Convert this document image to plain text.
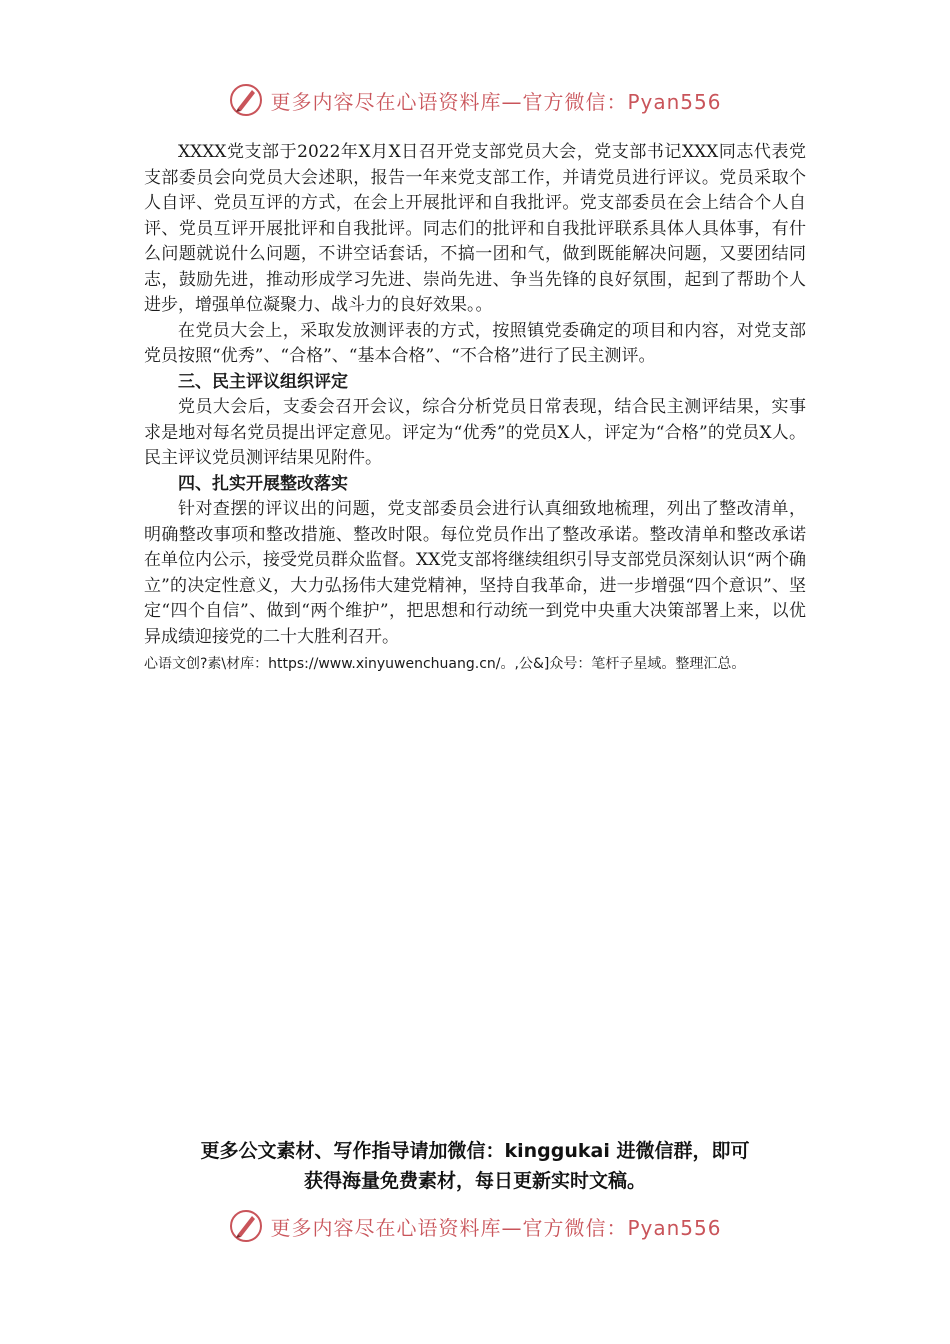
更多内容尽在心语资料库—官方微信：Pyan556

XXXX党支部于2022年X月X日召开党支部党员大会，党支部书记XXX同志代表党支部委员会向党员大会述职，报告一年来党支部工作，并请党员进行评议。党员采取个人自评、党员互评的方式，在会上开展批评和自我批评。党支部委员在会上结合个人自评、党员互评开展批评和自我批评。同志们的批评和自我批评联系具体人具体事，有什么问题就说什么问题，不讲空话套话，不搞一团和气，做到既能解决问题，又要团结同志，鼓励先进，推动形成学习先进、崇尚先进、争当先锋的良好氛围，起到了帮助个人进步，增强单位凝聚力、战斗力的良好效果。。

在党员大会上，采取发放测评表的方式，按照镇党委确定的项目和内容，对党支部党员按照“优秀”、“合格”、“基本合格”、“不合格”进行了民主测评。

三、民主评议组织评定

党员大会后，支委会召开会议，综合分析党员日常表现，结合民主测评结果，实事求是地对每名党员提出评定意见。评定为“优秀”的党员X人，评定为“合格”的党员X人。民主评议党员测评结果见附件。

四、扎实开展整改落实

针对查摆的评议出的问题，党支部委员会进行认真细致地梳理，列出了整改清单，明确整改事项和整改措施、整改时限。每位党员作出了整改承诺。整改清单和整改承诺在单位内公示，接受党员群众监督。XX党支部将继续组织引导支部党员深刻认识“两个确立”的决定性意义，大力弘扬伟大建党精神，坚持自我革命，进一步增强“四个意识”、坚定“四个自信”、做到“两个维护”，把思想和行动统一到党中央重大决策部署上来，以优异成绩迎接党的二十大胜利召开。

心语文创?素\材库：https://www.xinyuwenchuang.cn/。,公&]众号：笔杆子星域。整理汇总。

更多公文素材、写作指导请加微信：kinggukai 进微信群，即可
获得海量免费素材，每日更新实时文稿。
更多内容尽在心语资料库—官方微信：Pyan556
